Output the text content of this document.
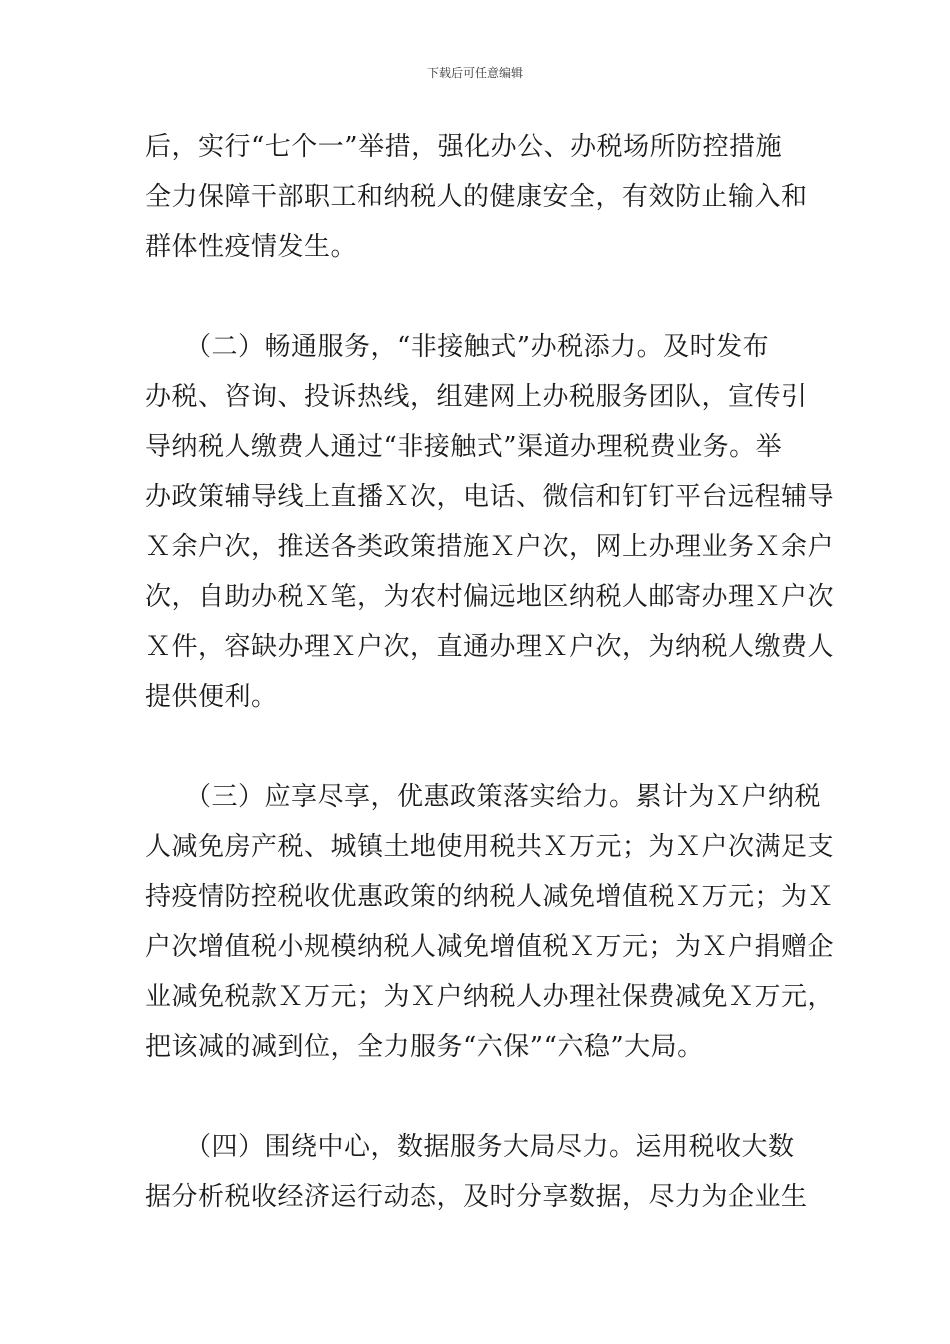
下载后可任意编辑
后，实行“七个一”举措，强化办公、办税场所防控措施
全力保障干部职工和纳税人的健康安全，有效防止输入和
群体性疫情发生。
　　（二）畅通服务，“非接触式”办税添力。及时发布
办税、咨询、投诉热线，组建网上办税服务团队，宣传引
导纳税人缴费人通过“非接触式”渠道办理税费业务。举
办政策辅导线上直播Ｘ次，电话、微信和钉钉平台远程辅导
Ｘ余户次，推送各类政策措施Ｘ户次，网上办理业务Ｘ余户
次，自助办税Ｘ笔，为农村偏远地区纳税人邮寄办理Ｘ户次
Ｘ件，容缺办理Ｘ户次，直通办理Ｘ户次，为纳税人缴费人
提供便利。
　　（三）应享尽享，优惠政策落实给力。累计为Ｘ户纳税
人减免房产税、城镇土地使用税共Ｘ万元；为Ｘ户次满足支
持疫情防控税收优惠政策的纳税人减免增值税Ｘ万元；为Ｘ
户次增值税小规模纳税人减免增值税Ｘ万元；为Ｘ户捐赠企
业减免税款Ｘ万元；为Ｘ户纳税人办理社保费减免Ｘ万元，
把该减的减到位，全力服务“六保”“六稳”大局。
　　（四）围绕中心，数据服务大局尽力。运用税收大数
据分析税收经济运行动态，及时分享数据，尽力为企业生
